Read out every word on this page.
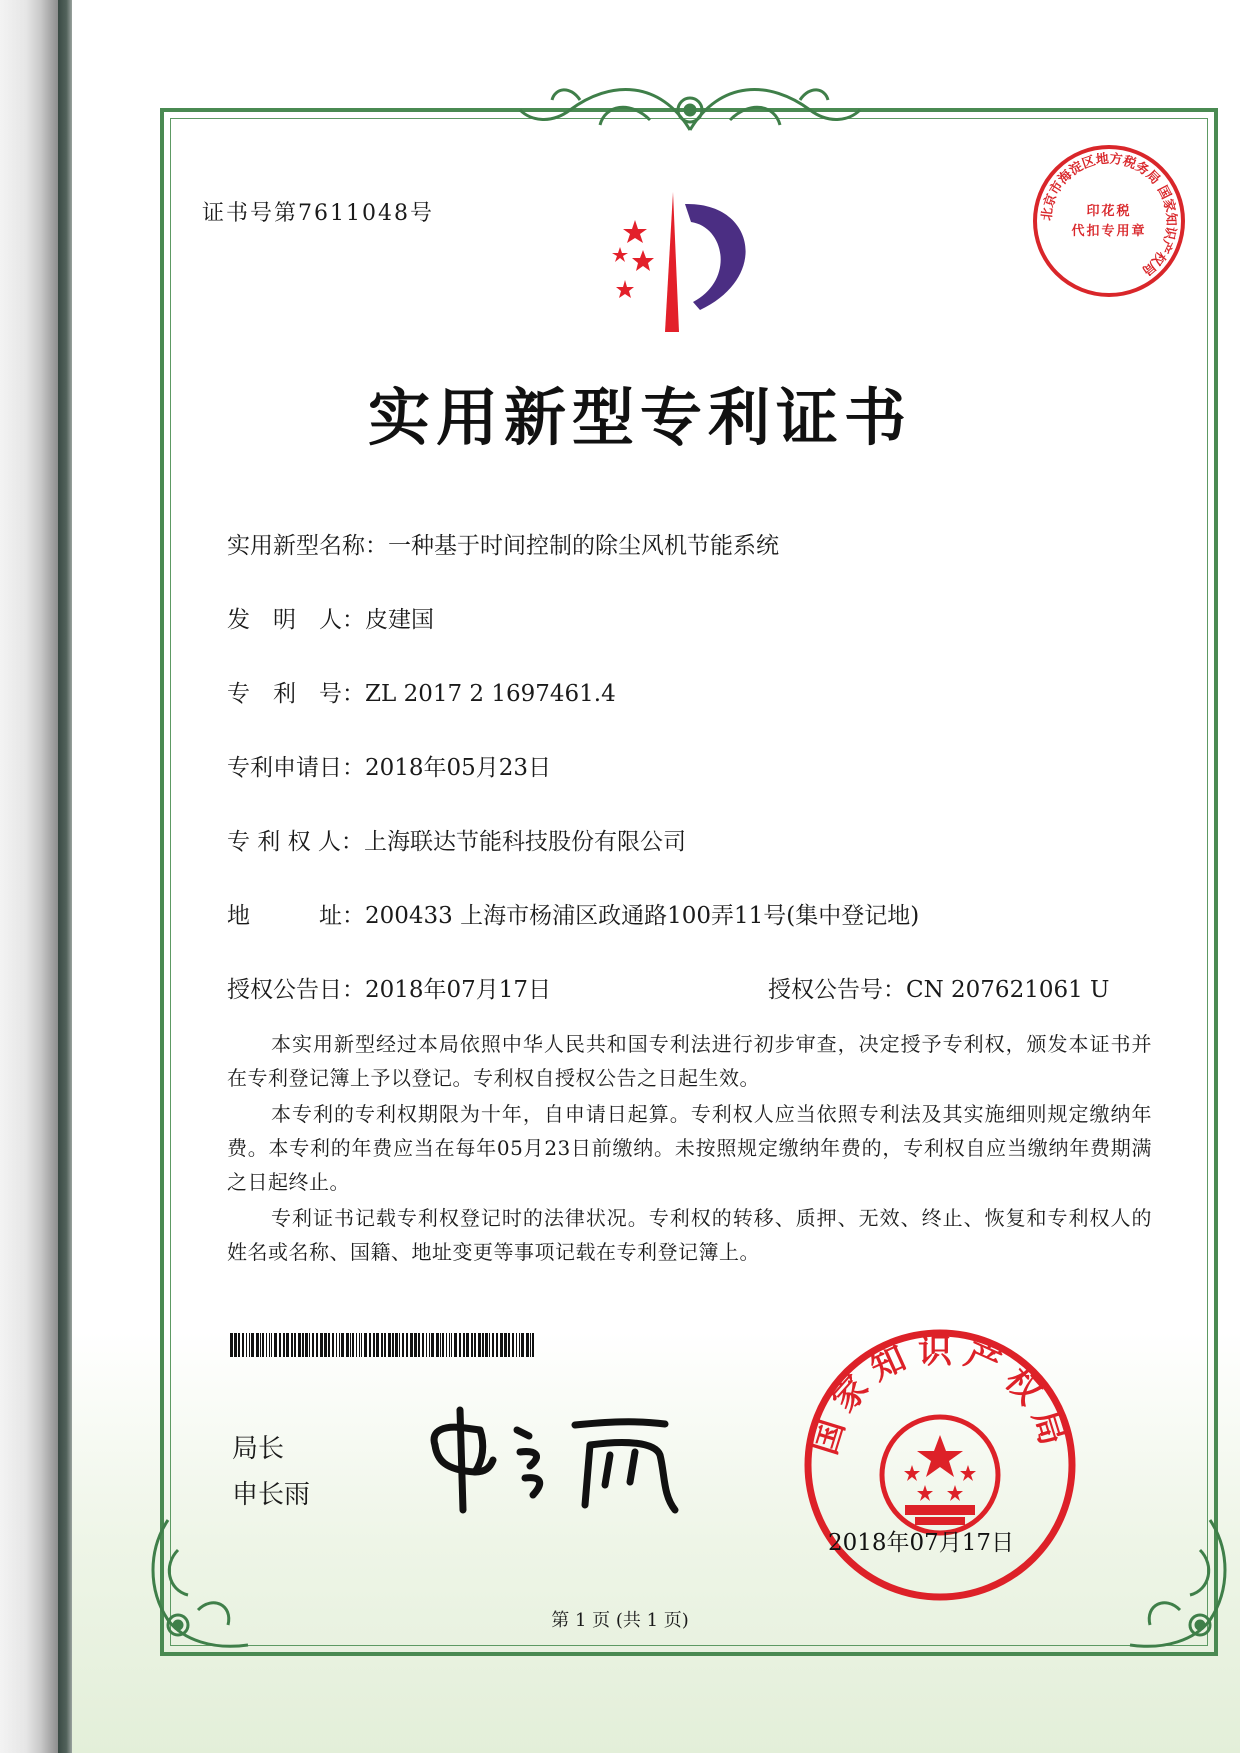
证书号第7611048号	北京市海淀区地方税务局 国家知识产权局
印花税
代扣专用章
实用新型专利证书
实用新型名称：一种基于时间控制的除尘风机节能系统
发　明　人：皮建国
专　利　号：ZL 2017 2 1697461.4
专利申请日：2018年05月23日
专 利 权 人：上海联达节能科技股份有限公司
地　　　址：200433 上海市杨浦区政通路100弄11号(集中登记地)
授权公告日：2018年07月17日	授权公告号：CN 207621061 U
本实用新型经过本局依照中华人民共和国专利法进行初步审查，决定授予专利权，颁发本证书并在专利登记簿上予以登记。专利权自授权公告之日起生效。
本专利的专利权期限为十年，自申请日起算。专利权人应当依照专利法及其实施细则规定缴纳年费。本专利的年费应当在每年05月23日前缴纳。未按照规定缴纳年费的，专利权自应当缴纳年费期满之日起终止。
专利证书记载专利权登记时的法律状况。专利权的转移、质押、无效、终止、恢复和专利权人的姓名或名称、国籍、地址变更等事项记载在专利登记簿上。
局长
申长雨
国家知识产权局
2018年07月17日
第 1 页 (共 1 页)
